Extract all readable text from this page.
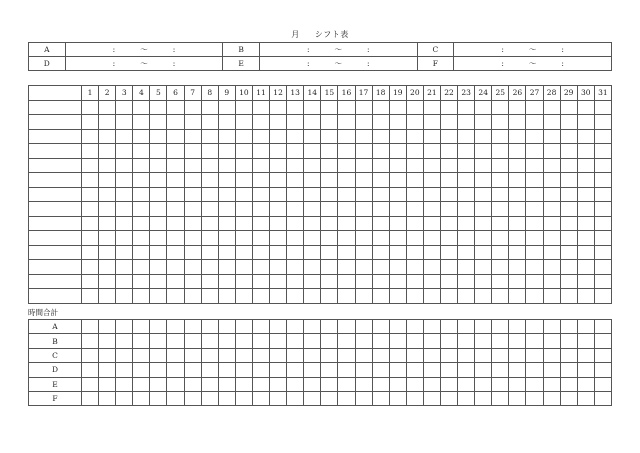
月 シフト表
A	: ～ :	B	: ～ :	C	: ～ :
D	: ～ :	E	: ～ :	F	: ～ :
	1	2	3	4	5	6	7	8	9	10	11	12	13	14	15	16	17	18	19	20	21	22	23	24	25	26	27	28	29	30	31

時間合計
A																															
B																															
C																															
D																															
E																															
F																															
